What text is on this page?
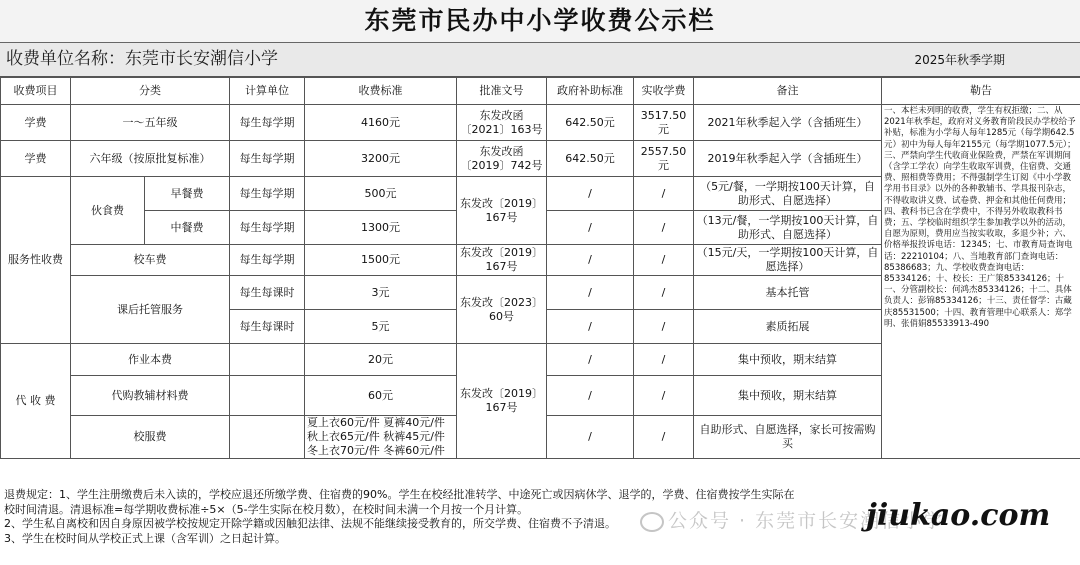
东莞市民办中小学收费公示栏
收费单位名称：东莞市长安潮信小学	2025年秋季学期
收费项目	分类		计算单位	收费标准	批准文号	政府补助标准	实收学费	备注	勒告
学费	一～五年级		每生每学期	4160元	东发改函〔2021〕163号	642.50元	3517.50元	2021年秋季起入学（含插班生）	一、本栏未列明的收费，学生有权拒缴；二、从2021年秋季起，政府对义务教育阶段民办学校给予补贴，标准为小学每人每年1285元（每学期642.5元）初中为每人每年2155元（每学期1077.5元）；三、严禁向学生代收商业保险费，严禁在军训期间（含学工学农）向学生收取军训费，住宿费、交通费、照相费等费用；不得强制学生订阅《中小学教学用书目录》以外的各种教辅书、学具报刊杂志，不得收取讲义费、试卷费、押金和其他任何费用；四、教科书已含在学费中，不得另外收取教科书费；五、学校临时组织学生参加教学以外的活动，自愿为原则，费用应当按实收取，多退少补；六、价格举报投诉电话：12345；七、市教育局查询电话：22210104；八、当地教育部门查询电话：85386683；九、学校收费查询电话：85334126；十、校长：王广策85334126；十一、分管副校长：何鸿杰85334126；十二、具体负责人：彭锦85334126；十三、责任督学：古藏庆85531500；十四、教育管理中心联系人：郑学明、张俏娟85533913-490
学费	六年级（按原批复标准）		每生每学期	3200元	东发改函〔2019〕742号	642.50元	2557.50元	2019年秋季起入学（含插班生）	
服务性收费	伙食费	早餐费	每生每学期	500元	东发改〔2019〕167号	/	/	（5元/餐，一学期按100天计算，自助形式、自愿选择）	
		中餐费	每生每学期	1300元		/	/	（13元/餐，一学期按100天计算，自助形式、自愿选择）	
	校车费		每生每学期	1500元	东发改〔2019〕167号	/	/	（15元/天，一学期按100天计算，自愿选择）	
	课后托管服务		每生每课时	3元	东发改〔2023〕60号	/	/	基本托管	
			每生每课时	5元		/	/	素质拓展	
代 收 费	作业本费			20元	东发改〔2019〕167号	/	/	集中预收，期末结算	
	代购教辅材料费			60元		/	/	集中预收，期末结算	
	校服费			夏上衣60元/件 夏裤40元/件
秋上衣65元/件 秋裤45元/件
冬上衣70元/件 冬裤60元/件		/	/	自助形式、自愿选择，家长可按需购买	
退费规定：1、学生注册缴费后未入读的，学校应退还所缴学费、住宿费的90%。学生在校经批准转学、中途死亡或因病休学、退学的，学费、住宿费按学生实际在
校时间清退。清退标准=每学期收费标准÷5×（5-学生实际在校月数），在校时间未满一个月按一个月计算。
2、学生私自离校和因自身原因被学校按规定开除学籍或因触犯法律、法规不能继续接受教育的，所交学费、住宿费不予清退。
3、学生在校时间从学校正式上课（含军训）之日起计算。
公众号 · 东莞市长安潮信小学
jiukao.com
